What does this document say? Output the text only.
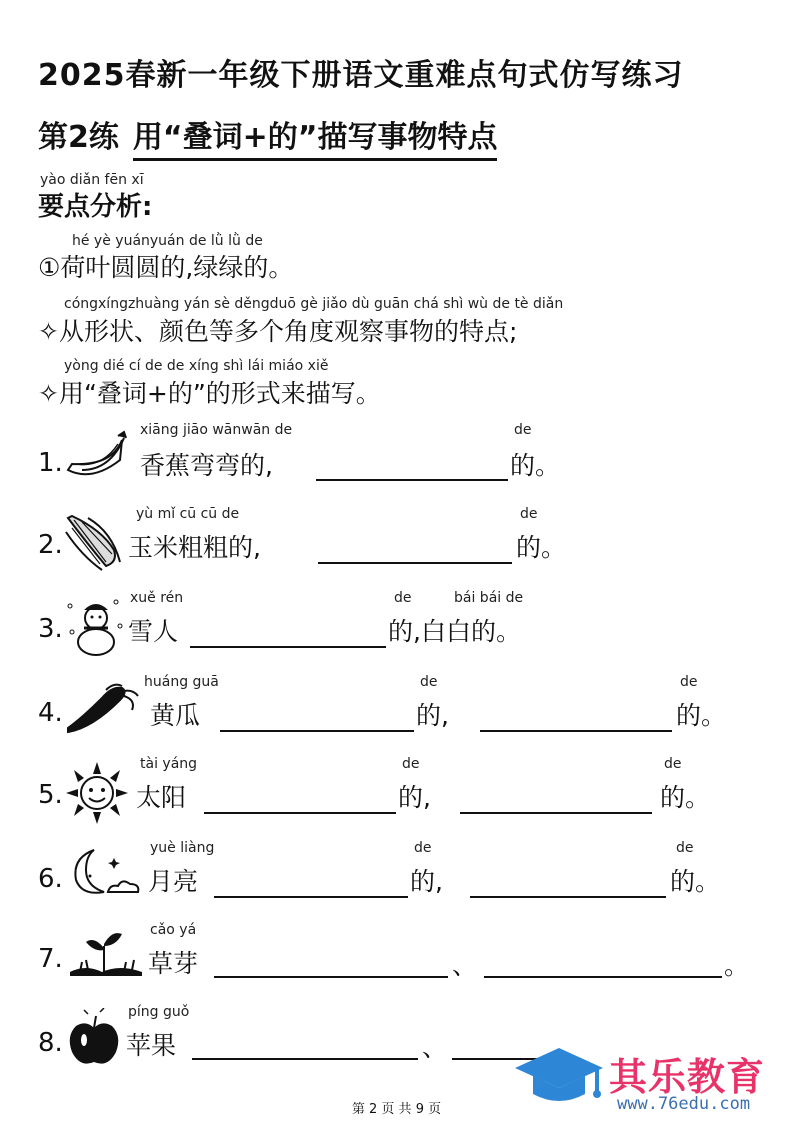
2025春新一年级下册语文重难点句式仿写练习
第2练 用“叠词+的”描写事物特点
yào diǎn fēn xī
要点分析:
hé yè yuányuán de lǜ lǜ de
①荷叶圆圆的,绿绿的。
cóngxíngzhuàng yán sè děngduō gè jiǎo dù guān chá shì wù de tè diǎn
✧从形状、颜色等多个角度观察事物的特点;
yòng dié cí de de xíng shì lái miáo xiě
✧用“叠词+的”的形式来描写。
1.
xiāng jiāo wānwān de
香蕉弯弯的,
de
的。
2.
yù mǐ cū cū de
玉米粗粗的,
de
的。
3.
xuě rén
雪人
de	bái bái de
的,白白的。
4.
huáng guā
黄瓜
de
的,
de
的。
5.
tài yáng
太阳
de
的,
de
的。
6.
yuè liàng
月亮
de
的,
de
的。
7.
cǎo yá
草芽	、	。
8.
píng guǒ
苹果	、
其乐教育
www.76edu.com
第 2 页 共 9 页
